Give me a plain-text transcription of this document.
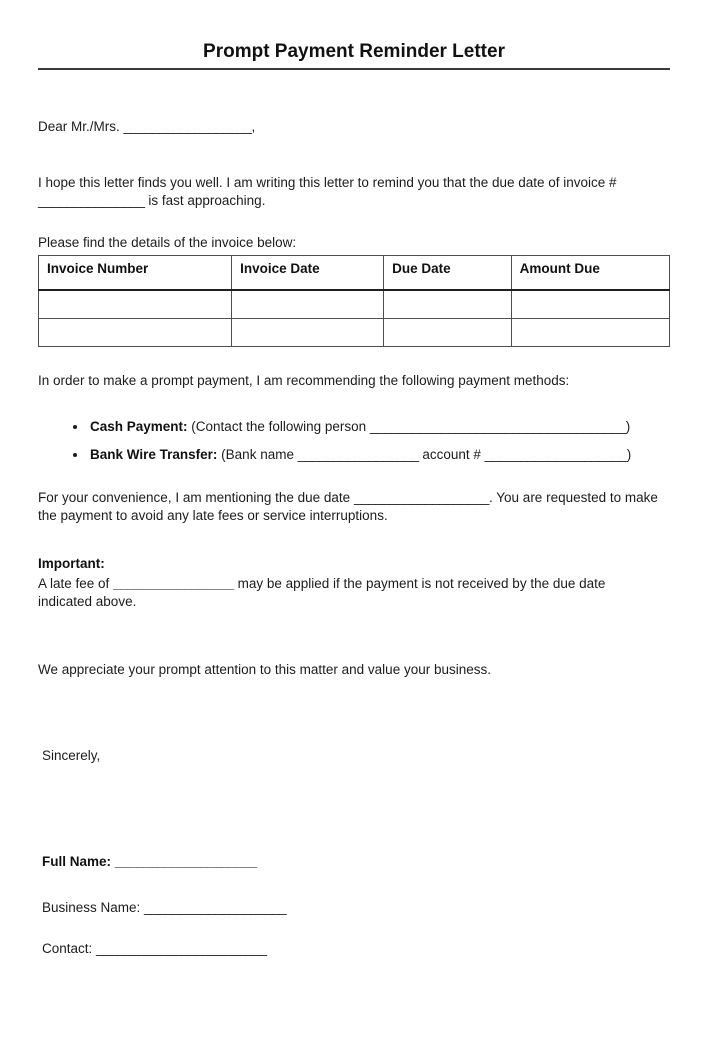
Prompt Payment Reminder Letter

Dear Mr./Mrs. __________________,

I hope this letter finds you well. I am writing this letter to remind you that the due date of invoice #
_______________ is fast approaching.

Please find the details of the invoice below:

Invoice Number	Invoice Date	Due Date	Amount Due

In order to make a prompt payment, I am recommending the following payment methods:

• Cash Payment: (Contact the following person ____________________________________)
• Bank Wire Transfer: (Bank name _________________ account # ____________________)

For your convenience, I am mentioning the due date ___________________. You are requested to make
the payment to avoid any late fees or service interruptions.

Important:

A late fee of _________________ may be applied if the payment is not received by the due date
indicated above.

We appreciate your prompt attention to this matter and value your business.

Sincerely,

Full Name: ____________________

Business Name: ____________________

Contact: ________________________
